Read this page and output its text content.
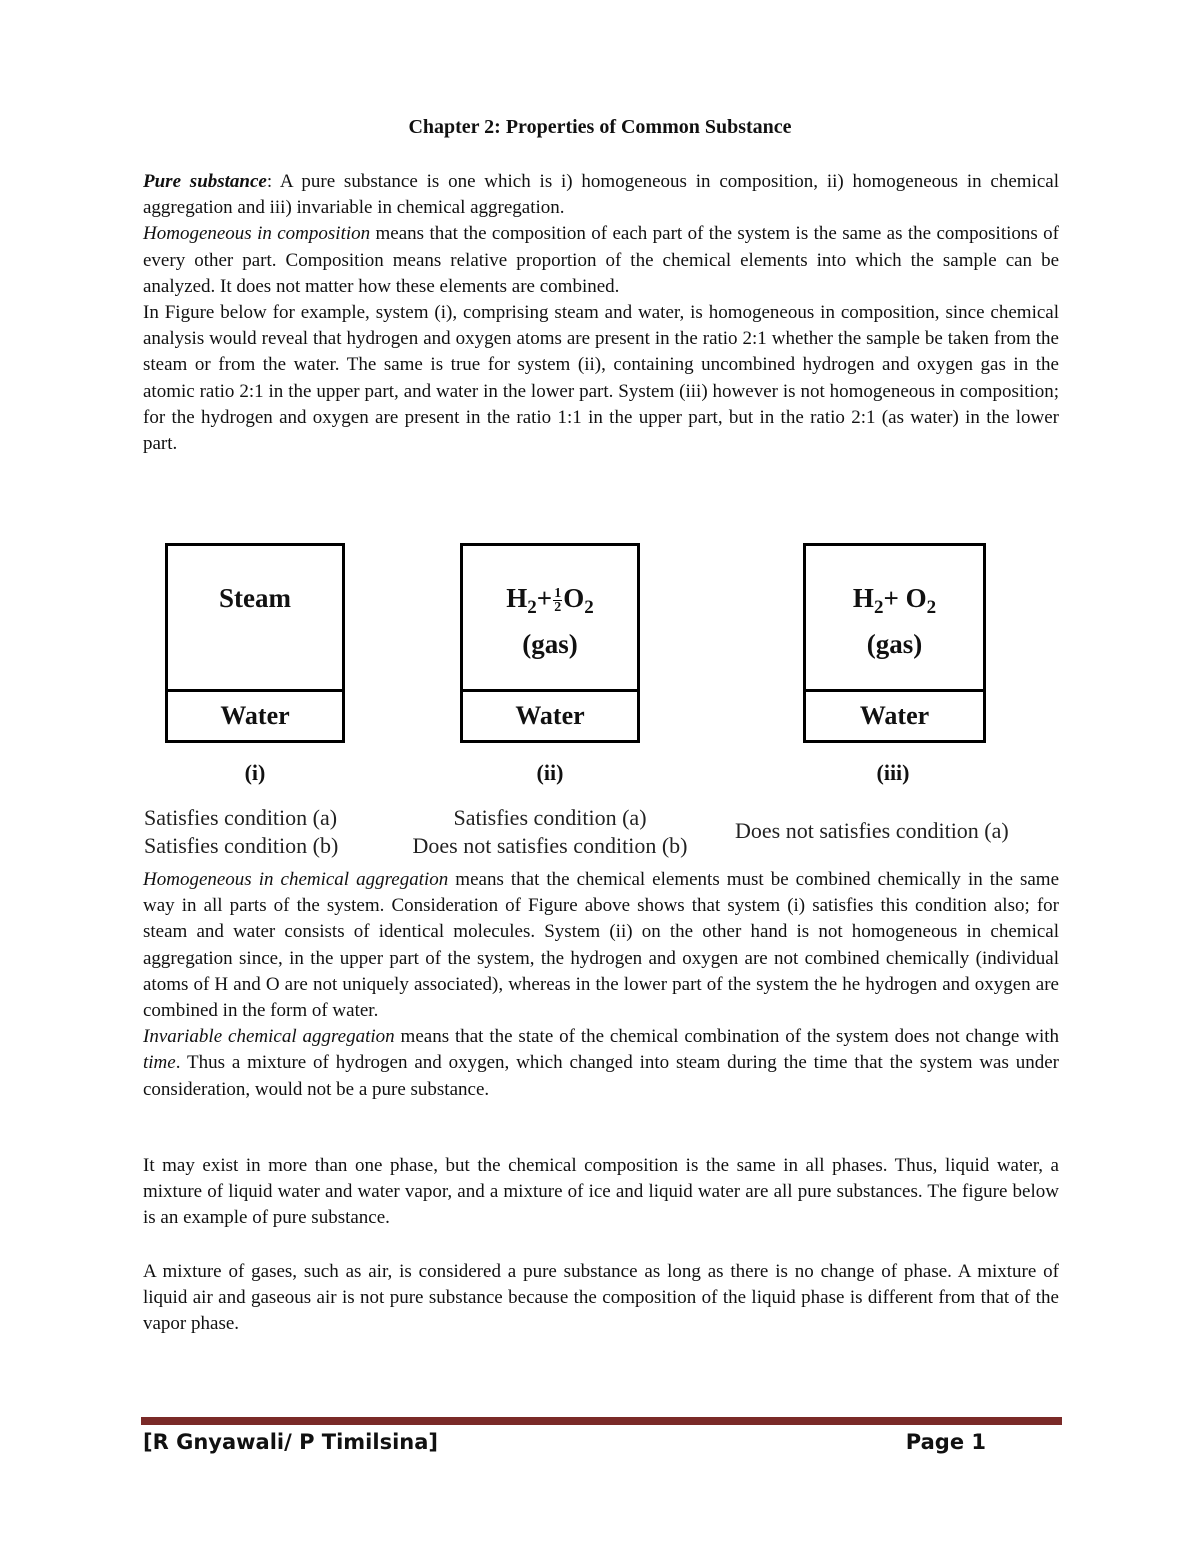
Chapter 2: Properties of Common Substance

Pure substance: A pure substance is one which is i) homogeneous in composition, ii) homogeneous in chemical aggregation and iii) invariable in chemical aggregation.

Homogeneous in composition means that the composition of each part of the system is the same as the compositions of every other part. Composition means relative proportion of the chemical elements into which the sample can be analyzed. It does not matter how these elements are combined.

In Figure below for example, system (i), comprising steam and water, is homogeneous in composition, since chemical analysis would reveal that hydrogen and oxygen atoms are present in the ratio 2:1 whether the sample be taken from the steam or from the water. The same is true for system (ii), containing uncombined hydrogen and oxygen gas in the atomic ratio 2:1 in the upper part, and water in the lower part. System (iii) however is not homogeneous in composition; for the hydrogen and oxygen are present in the ratio 1:1 in the upper part, but in the ratio 2:1 (as water) in the lower part.

Steam
Water
(i)
Satisfies condition (a)
Satisfies condition (b)
$H_2+ \frac{1}{2} O_2$
(gas)
Water
(ii)
Satisfies condition (a)
Does not satisfies condition (b)
$H_2+ O_2$
(gas)
Water
(iii)
Does not satisfies condition (a)

Homogeneous in chemical aggregation means that the chemical elements must be combined chemically in the same way in all parts of the system. Consideration of Figure above shows that system (i) satisfies this condition also; for steam and water consists of identical molecules. System (ii) on the other hand is not homogeneous in chemical aggregation since, in the upper part of the system, the hydrogen and oxygen are not combined chemically (individual atoms of H and O are not uniquely associated), whereas in the lower part of the system the he hydrogen and oxygen are combined in the form of water.

Invariable chemical aggregation means that the state of the chemical combination of the system does not change with time. Thus a mixture of hydrogen and oxygen, which changed into steam during the time that the system was under consideration, would not be a pure substance.

It may exist in more than one phase, but the chemical composition is the same in all phases. Thus, liquid water, a mixture of liquid water and water vapor, and a mixture of ice and liquid water are all pure substances. The figure below is an example of pure substance.

A mixture of gases, such as air, is considered a pure substance as long as there is no change of phase. A mixture of liquid air and gaseous air is not pure substance because the composition of the liquid phase is different from that of the vapor phase.

[R Gnyawali/ P Timilsina]	Page 1
